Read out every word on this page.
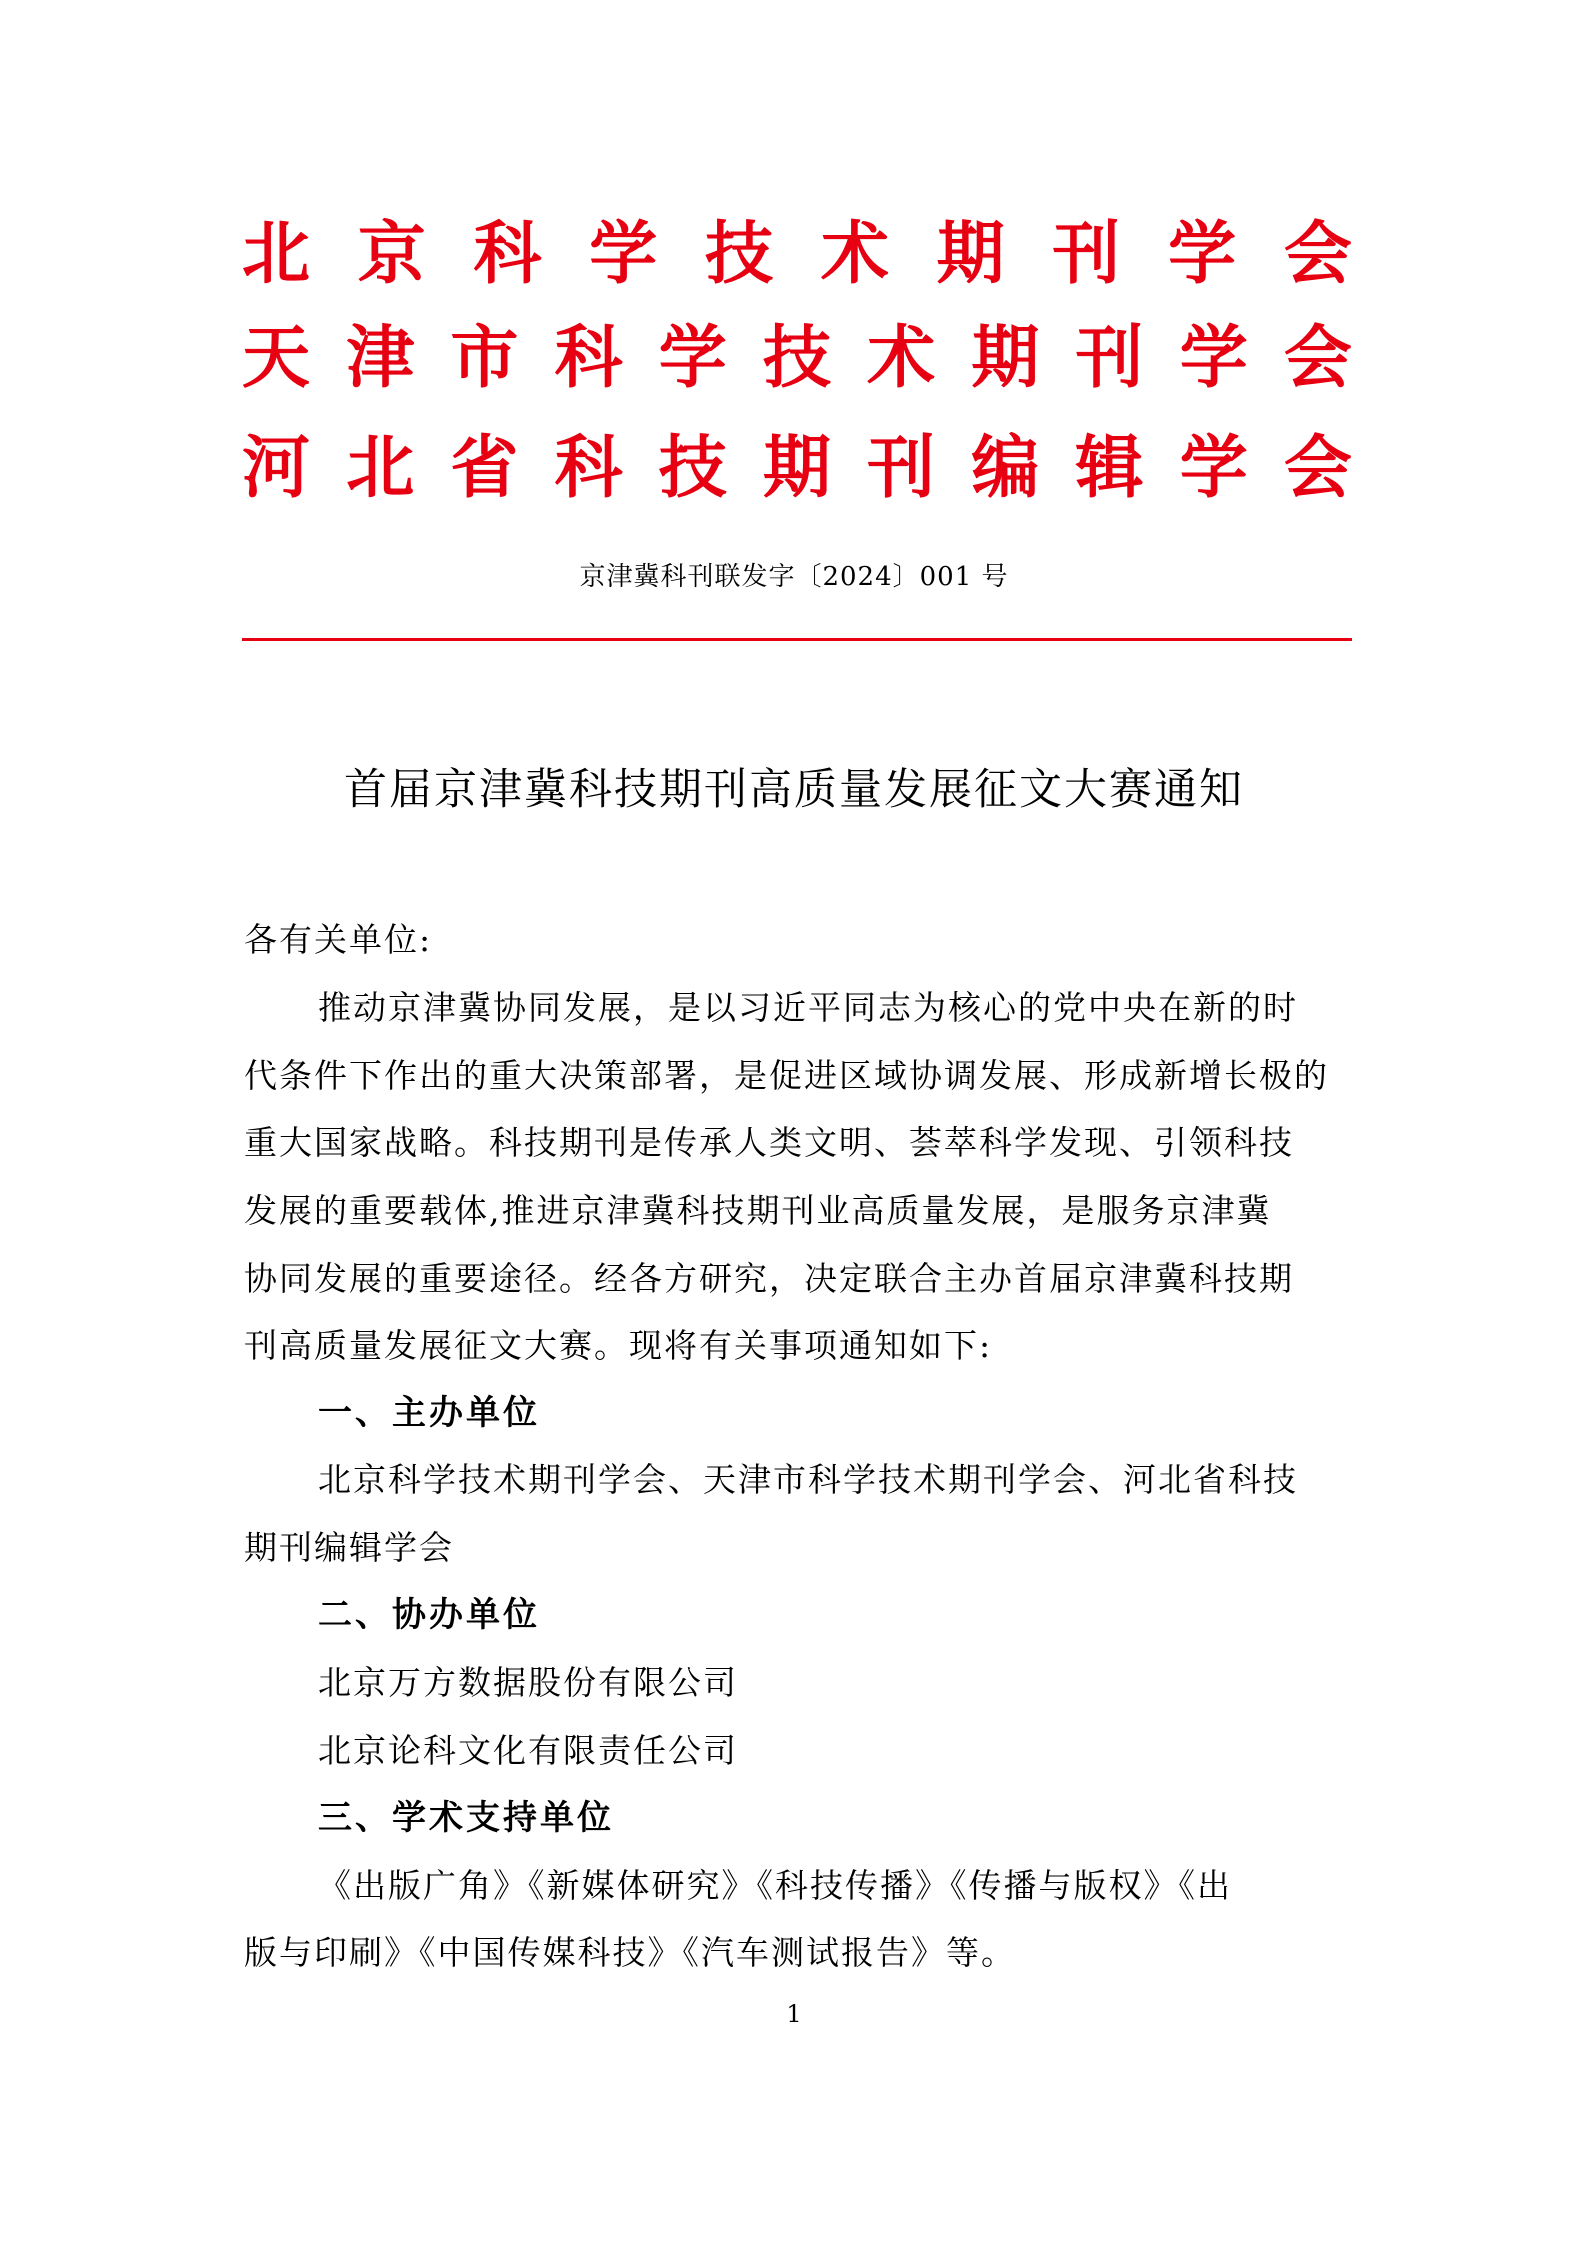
北 京 科 学 技 术 期 刊 学 会
天 津 市 科 学 技 术 期 刊 学 会
河 北 省 科 技 期 刊 编 辑 学 会
京津冀科刊联发字〔2024〕001 号
首届京津冀科技期刊高质量发展征文大赛通知
各有关单位:
推动京津冀协同发展，是以习近平同志为核心的党中央在新的时
代条件下作出的重大决策部署，是促进区域协调发展、形成新增长极的
重大国家战略。科技期刊是传承人类文明、荟萃科学发现、引领科技
发展的重要载体,推进京津冀科技期刊业高质量发展，是服务京津冀
协同发展的重要途径。经各方研究，决定联合主办首届京津冀科技期
刊高质量发展征文大赛。现将有关事项通知如下:
一、主办单位
北京科学技术期刊学会、天津市科学技术期刊学会、河北省科技
期刊编辑学会
二、协办单位
北京万方数据股份有限公司
北京论科文化有限责任公司
三、学术支持单位
《出版广角》《新媒体研究》《科技传播》《传播与版权》《出
版与印刷》《中国传媒科技》《汽车测试报告》等。
1
